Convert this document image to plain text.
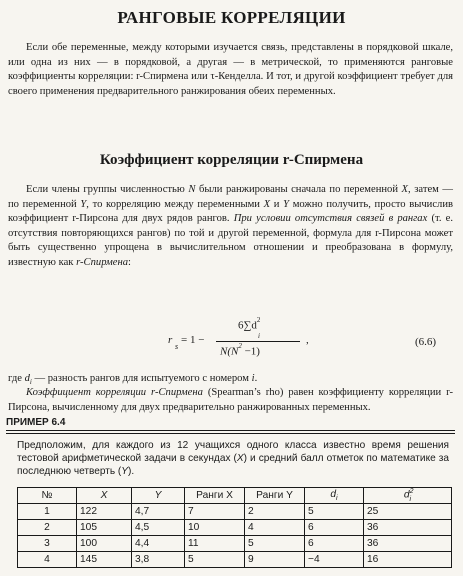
РАНГОВЫЕ КОРРЕЛЯЦИИ

Если обе переменные, между которыми изучается связь, представлены в порядковой шкале, или одна из них — в порядковой, а другая — в метрической, то применяются ранговые коэффициенты корреляции: r-Спирмена или τ-Кенделла. И тот, и другой коэффициент требует для своего применения предварительного ранжирования обеих переменных.

Коэффициент корреляции r-Спирмена

Если члены группы численностью N были ранжированы сначала по переменной X, затем — по переменной Y, то корреляцию между переменными X и Y можно получить, просто вычислив коэффициент r-Пирсона для двух рядов рангов. При условии отсутствия связей в рангах (т. е. отсутствия повторяющихся рангов) по той и другой переменной, формула для r-Пирсона может быть существенно упрощена в вычислительном отношении и преобразована в формулу, известную как r-Спирмена:

r
s
= 1 −
$6\sum d^2$
i
$N(N^2 -1)$
,	(6.6)

где $d_i$ — разность рангов для испытуемого с номером i.

Коэффициент корреляции r-Спирмена (Spearman’s rho) равен коэффициенту корреляции r-Пирсона, вычисленному для двух предварительно ранжированных переменных.

ПРИМЕР 6.4

Предположим, для каждого из 12 учащихся одного класса известно время решения тестовой арифметической задачи в секундах (X) и средний балл отметок по математике за последнюю четверть (Y).

№	X	Y	Ранги X	Ранги Y	$d_i$	$d^2_i$
1	122	4,7	7	2	5	25
2	105	4,5	10	4	6	36
3	100	4,4	11	5	6	36
4	145	3,8	5	9	−4	16
